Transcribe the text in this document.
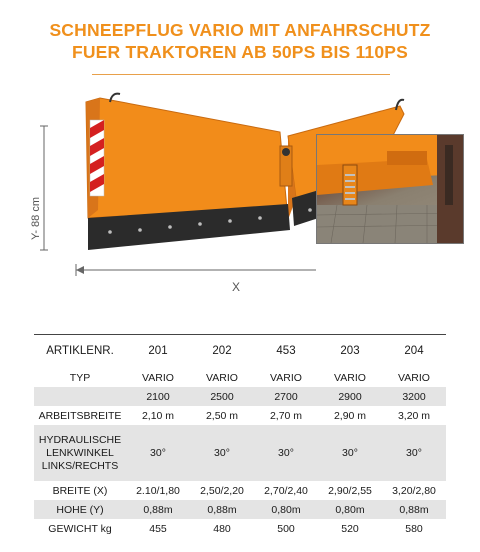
SCHNEEPFLUG VARIO MIT ANFAHRSCHUTZ
FUER TRAKTOREN AB 50PS BIS 110PS
Y- 88 cm
X
ARTIKLENR.	201	202	453	203	204
TYP	VARIO	VARIO	VARIO	VARIO	VARIO
	2100	2500	2700	2900	3200
ARBEITSBREITE	2,10 m	2,50 m	2,70 m	2,90 m	3,20 m
HYDRAULISCHE LENKWINKEL LINKS/RECHTS	30°	30°	30°	30°	30°
BREITE (X)	2.10/1,80	2,50/2,20	2,70/2,40	2,90/2,55	3,20/2,80
HOHE (Y)	0,88m	0,88m	0,80m	0,80m	0,88m
GEWICHT kg	455	480	500	520	580
